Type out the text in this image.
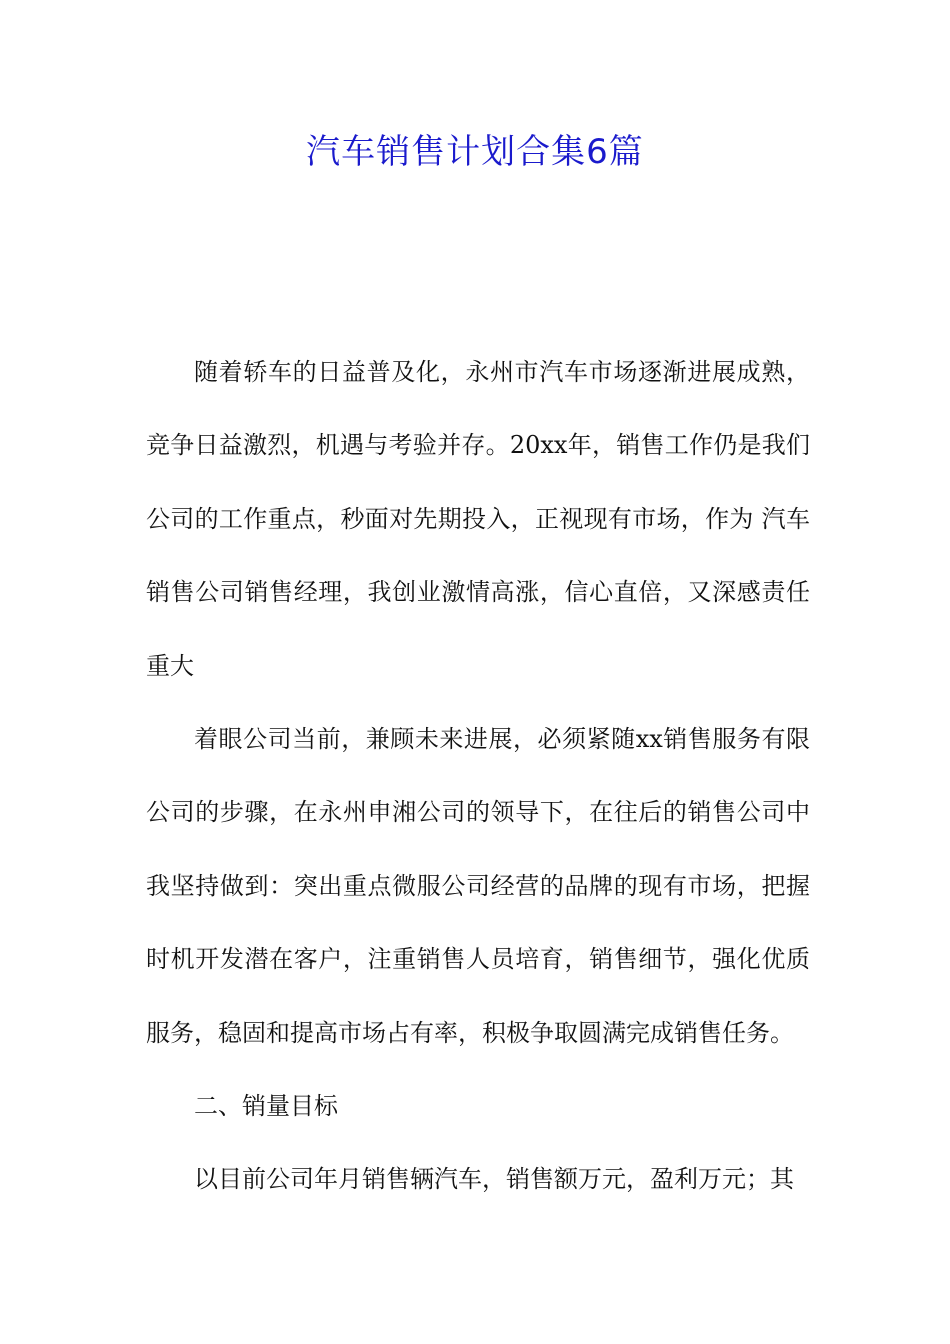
汽车销售计划合集6篇

随着轿车的日益普及化，永州市汽车市场逐渐进展成熟，竞争日益激烈，机遇与考验并存。20xx年，销售工作仍是我们公司的工作重点，秒面对先期投入，正视现有市场，作为 汽车销售公司销售经理，我创业激情高涨，信心直倍，又深感责任重大

着眼公司当前，兼顾未来进展，必须紧随xx销售服务有限公司的步骤，在永州申湘公司的领导下，在往后的销售公司中我坚持做到：突出重点微服公司经营的品牌的现有市场，把握时机开发潜在客户，注重销售人员培育，销售细节，强化优质服务，稳固和提高市场占有率，积极争取圆满完成销售任务。

二、销量目标

以目前公司年月销售辆汽车，销售额万元，盈利万元；其
